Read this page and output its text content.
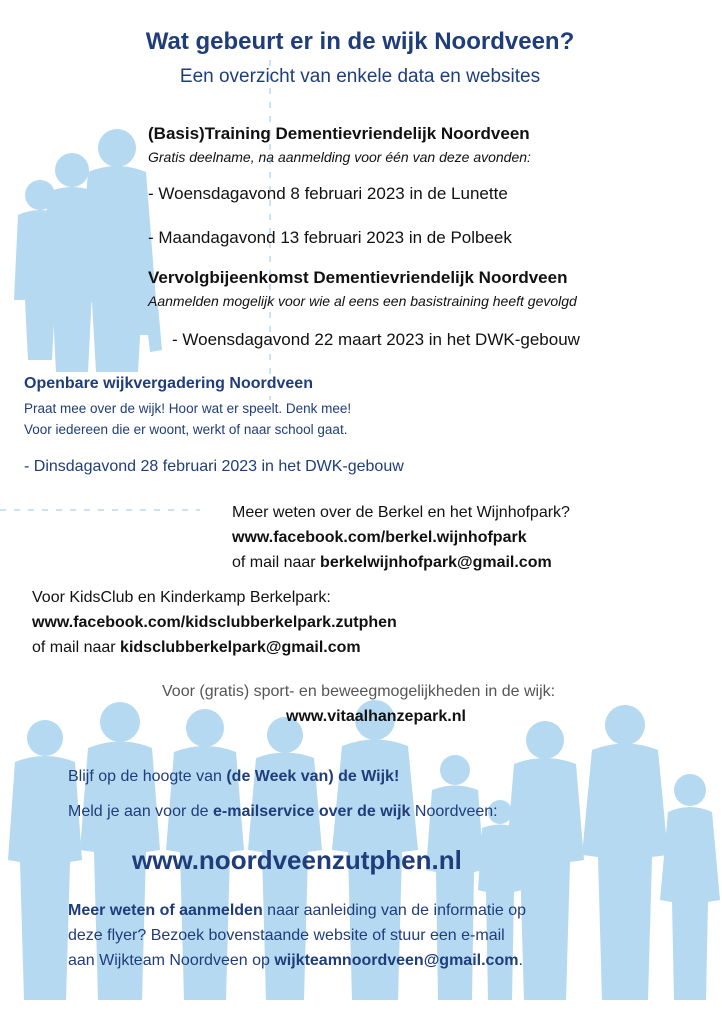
Wat gebeurt er in de wijk Noordveen?
Een overzicht van enkele data en websites
(Basis)Training Dementievriendelijk Noordveen
Gratis deelname, na aanmelding voor één van deze avonden:
- Woensdagavond 8 februari 2023 in de Lunette
- Maandagavond 13 februari 2023 in de Polbeek
Vervolgbijeenkomst Dementievriendelijk Noordveen
Aanmelden mogelijk voor wie al eens een basistraining heeft gevolgd
- Woensdagavond 22 maart 2023 in het DWK-gebouw
Openbare wijkvergadering Noordveen
Praat mee over de wijk! Hoor wat er speelt. Denk mee!
Voor iedereen die er woont, werkt of naar school gaat.
- Dinsdagavond 28 februari 2023 in het DWK-gebouw
Meer weten over de Berkel en het Wijnhofpark?
www.facebook.com/berkel.wijnhofpark
of mail naar berkelwijnhofpark@gmail.com
Voor KidsClub en Kinderkamp Berkelpark:
www.facebook.com/kidsclubberkelpark.zutphen
of mail naar kidsclubberkelpark@gmail.com
Voor (gratis) sport- en beweegmogelijkheden in de wijk:
www.vitaalhanzepark.nl
Blijf op de hoogte van (de Week van) de Wijk!
Meld je aan voor de e-mailservice over de wijk Noordveen:
www.noordveenzutphen.nl
Meer weten of aanmelden naar aanleiding van de informatie op
deze flyer? Bezoek bovenstaande website of stuur een e-mail
aan Wijkteam Noordveen op wijkteamnoordveen@gmail.com.
